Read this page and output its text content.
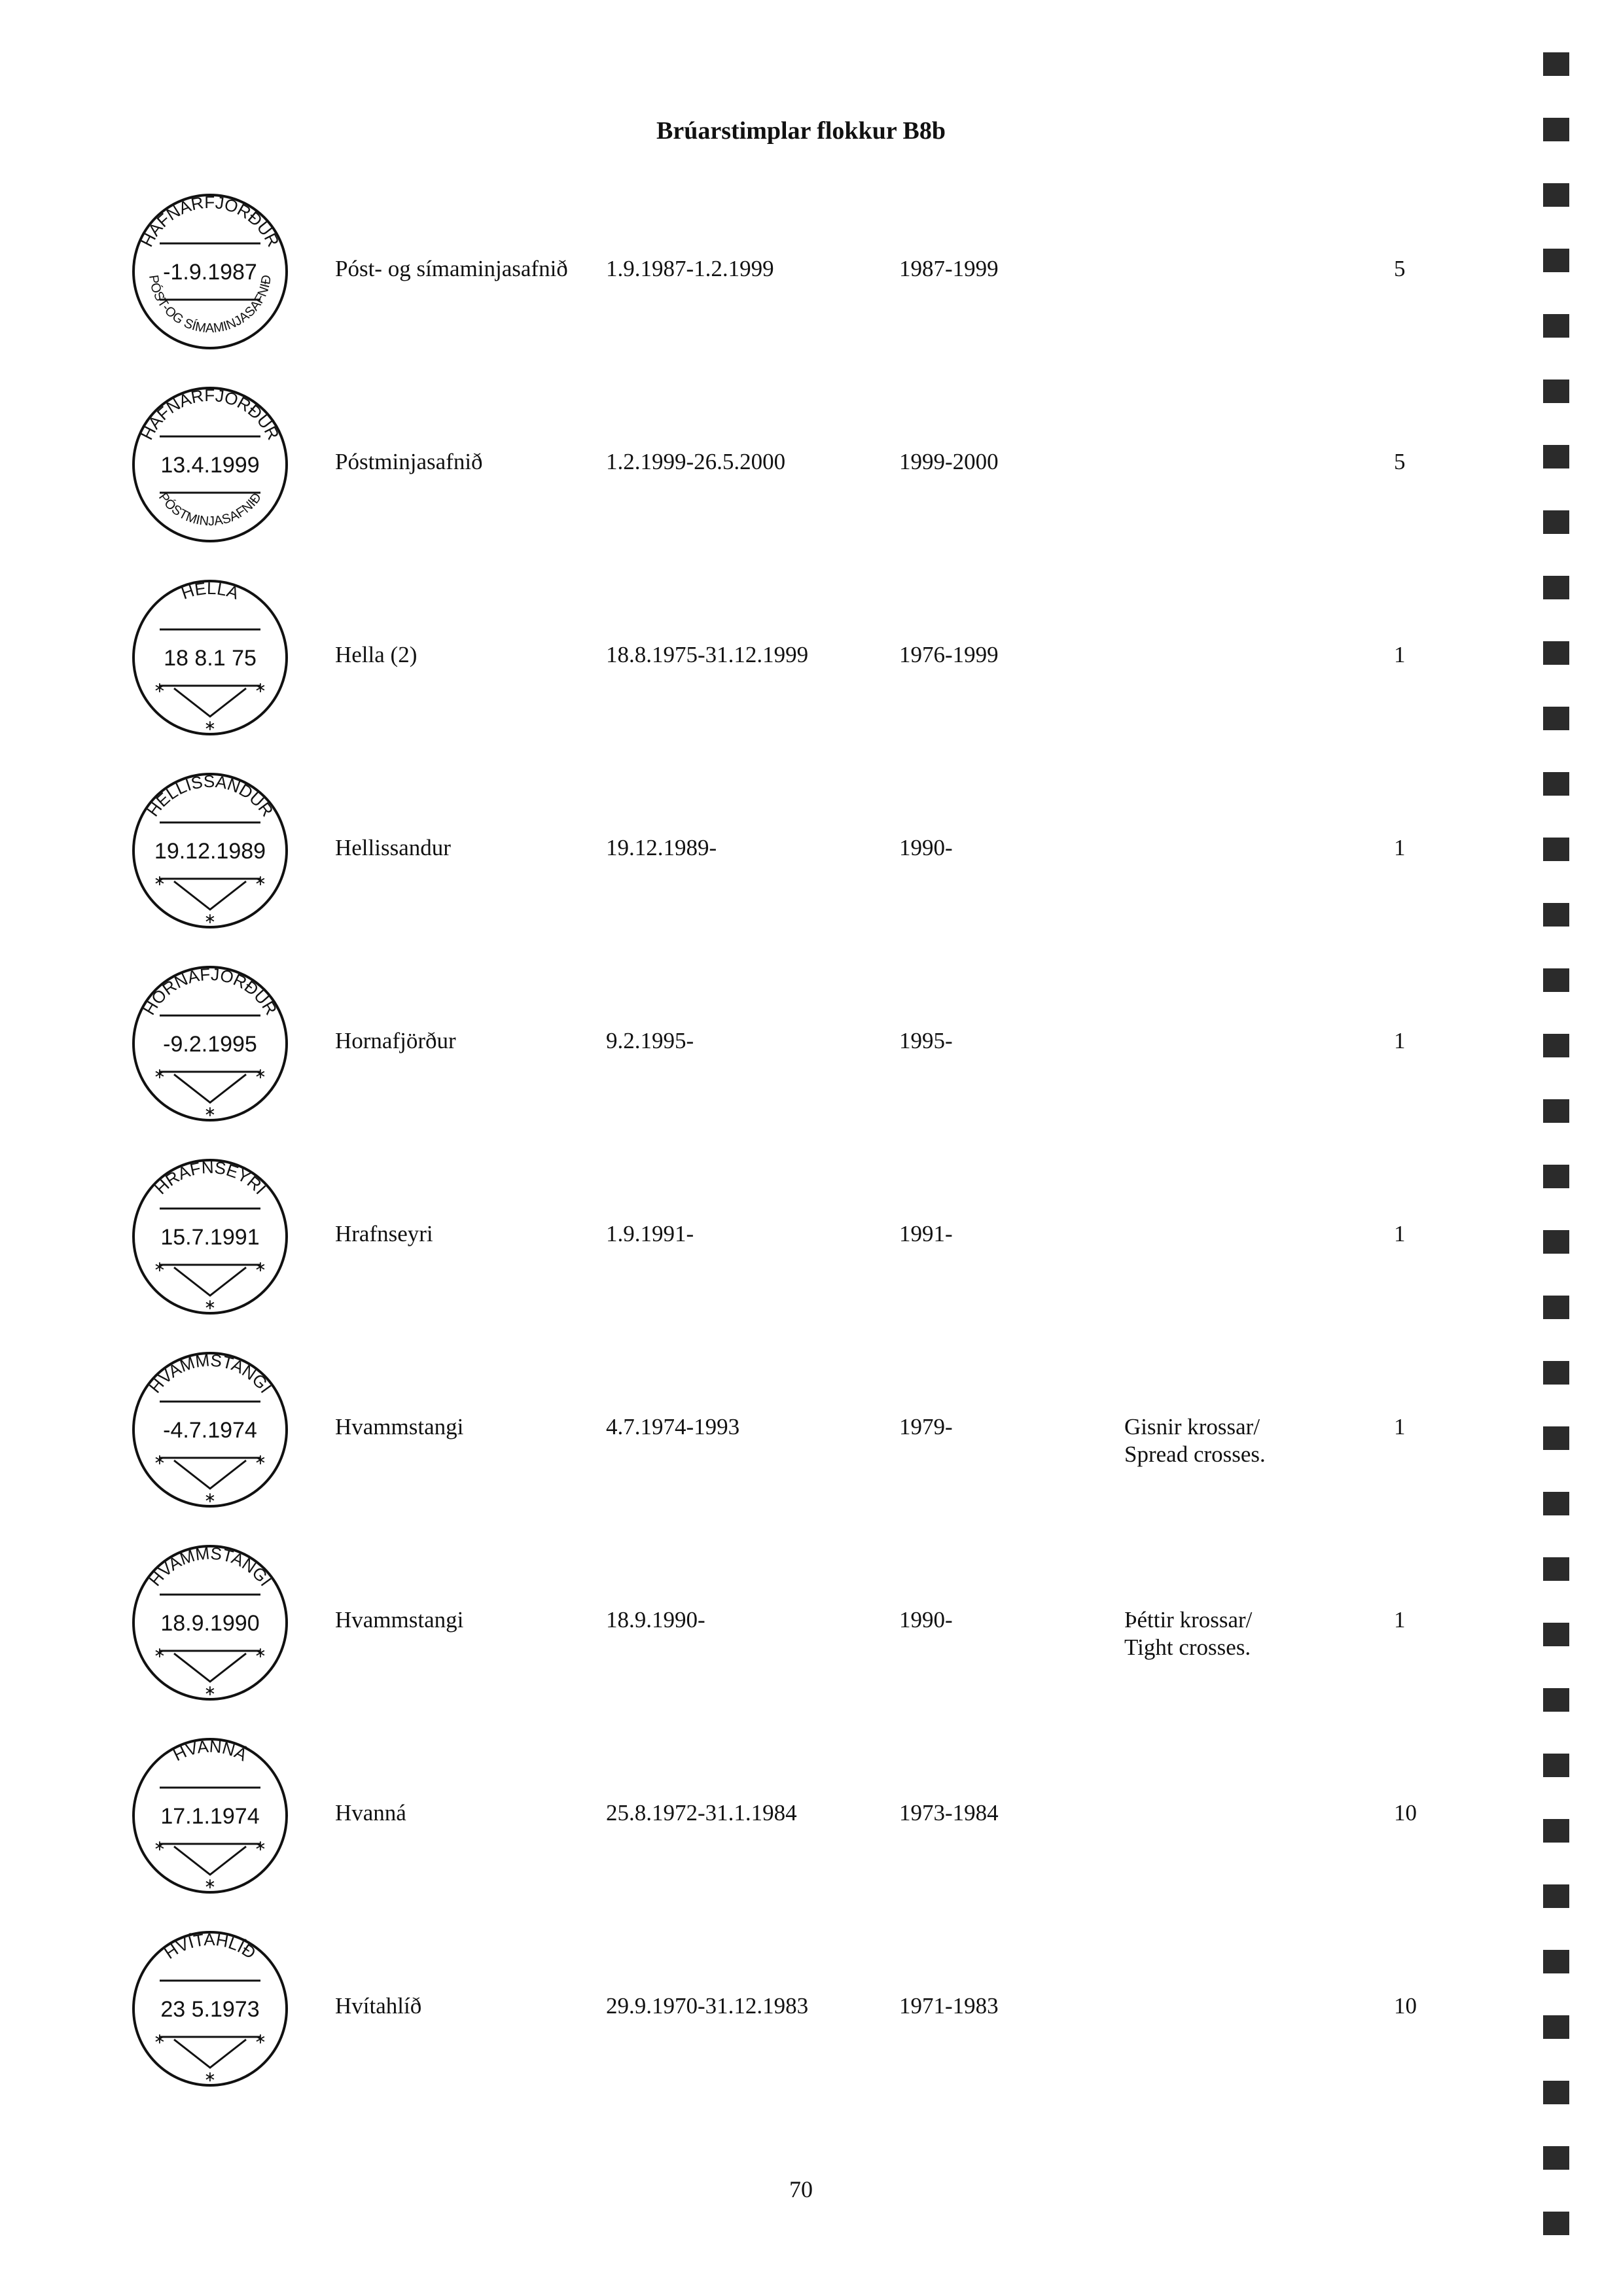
Brúarstimplar flokkur B8b
HAFNARFJÖRÐUR
PÓST-OG SÍMAMINJASAFNIÐ
-1.9.1987	Póst- og símaminjasafnið 1.9.1987-1.2.1999	1987-1999	5
HAFNARFJÖRÐUR
PÓSTMINJASAFNIÐ
13.4.1999	Póstminjasafnið	1.2.1999-26.5.2000	1999-2000	5
HELLA
∗	∗
∗
18 8.1 75	Hella (2)	18.8.1975-31.12.1999	1976-1999	1
HELLISSANDUR
∗	∗
∗
19.12.1989	Hellissandur	19.12.1989-	1990-	1
HORNAFJÖRÐUR
∗	∗
∗
-9.2.1995	Hornafjörður	9.2.1995-	1995-	1
HRAFNSEYRI
∗	∗
∗
15.7.1991	Hrafnseyri	1.9.1991-	1991-	1
HVAMMSTANGI
∗	∗
∗
-4.7.1974	Hvammstangi	4.7.1974-1993	1979-	1
Gisnir krossar/
Spread crosses.
HVAMMSTANGI
∗	∗
∗
18.9.1990	Hvammstangi	18.9.1990-	1990-	1
Þéttir krossar/
Tight crosses.
HVANNÁ
∗	∗
∗
17.1.1974	Hvanná	25.8.1972-31.1.1984	1973-1984	10
HVÍTAHLÍÐ
∗	∗
∗
23 5.1973	Hvítahlíð	29.9.1970-31.12.1983	1971-1983	10
70
